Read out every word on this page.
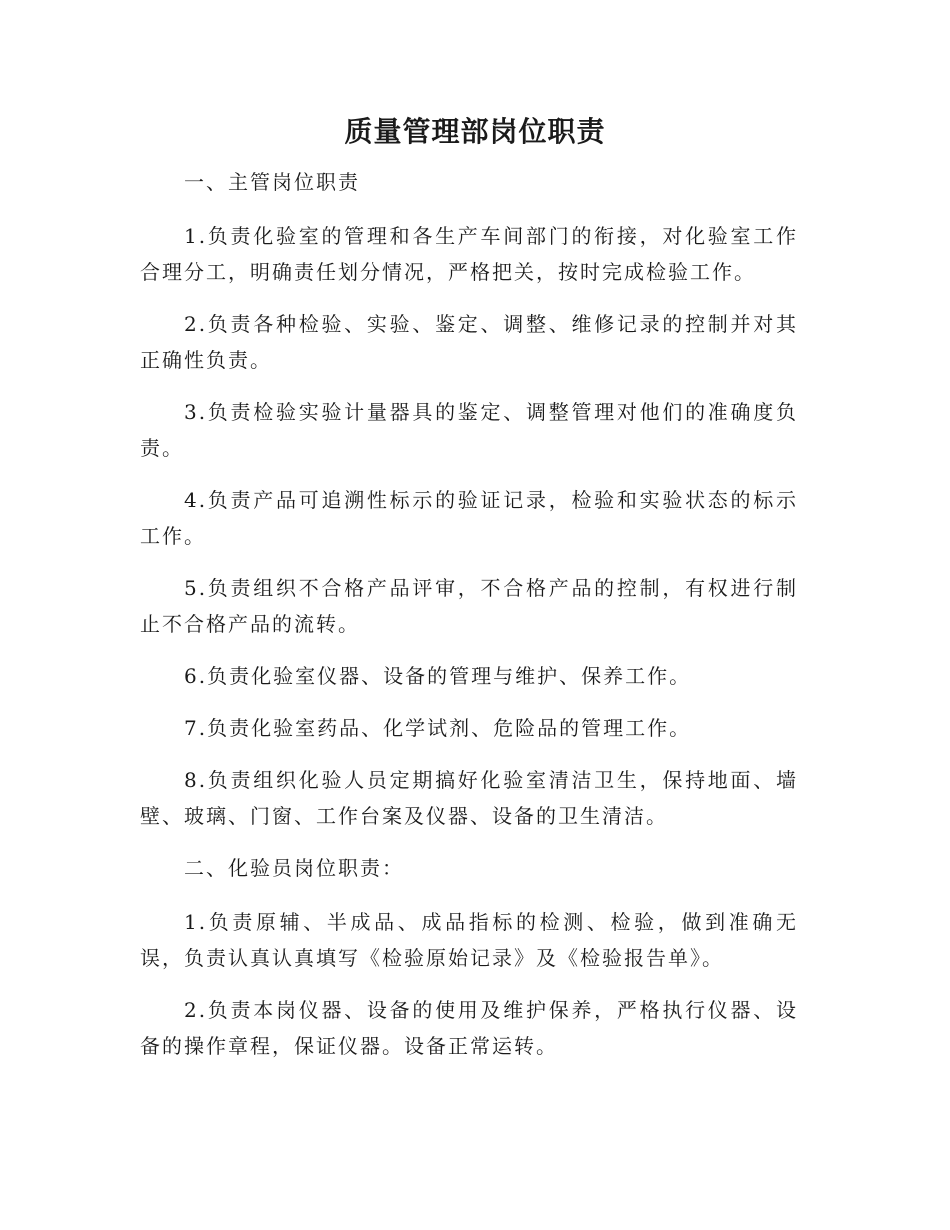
质量管理部岗位职责

一、主管岗位职责

1.负责化验室的管理和各生产车间部门的衔接，对化验室工作合理分工，明确责任划分情况，严格把关，按时完成检验工作。

2.负责各种检验、实验、鉴定、调整、维修记录的控制并对其正确性负责。

3.负责检验实验计量器具的鉴定、调整管理对他们的准确度负责。

4.负责产品可追溯性标示的验证记录，检验和实验状态的标示工作。

5.负责组织不合格产品评审，不合格产品的控制，有权进行制止不合格产品的流转。

6.负责化验室仪器、设备的管理与维护、保养工作。

7.负责化验室药品、化学试剂、危险品的管理工作。

8.负责组织化验人员定期搞好化验室清洁卫生，保持地面、墙壁、玻璃、门窗、工作台案及仪器、设备的卫生清洁。

二、化验员岗位职责：

1.负责原辅、半成品、成品指标的检测、检验，做到准确无误，负责认真认真填写《检验原始记录》及《检验报告单》。

2.负责本岗仪器、设备的使用及维护保养，严格执行仪器、设备的操作章程，保证仪器。设备正常运转。
